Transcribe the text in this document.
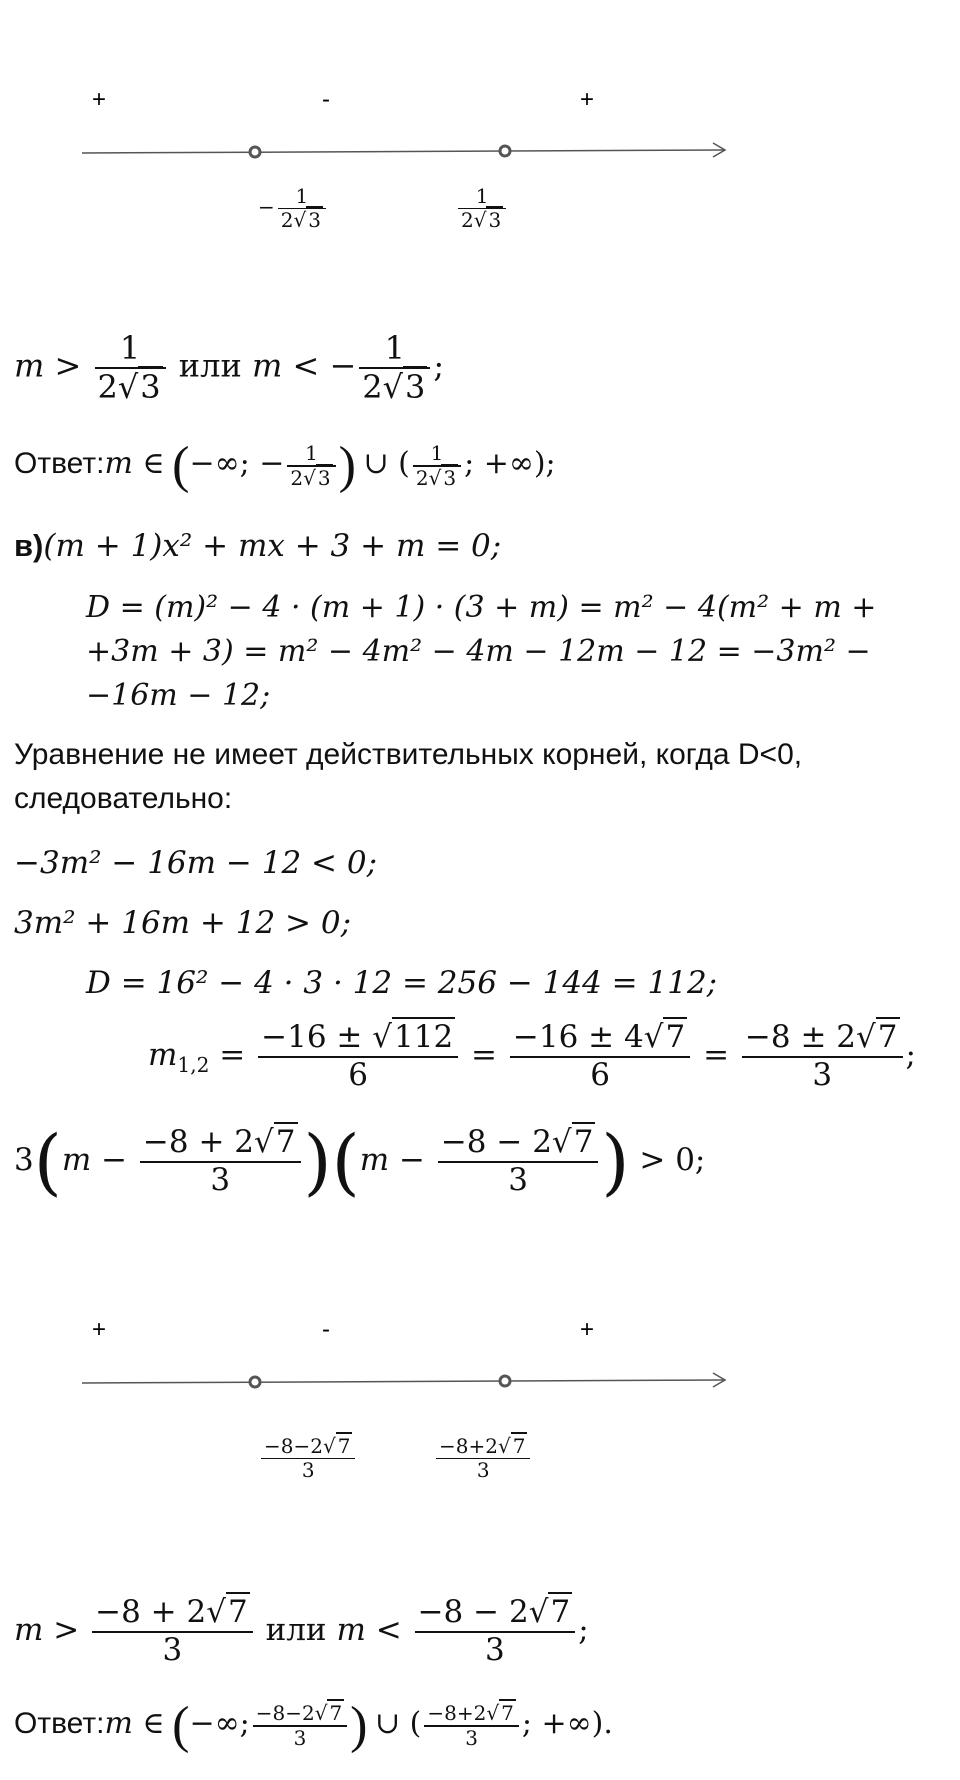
+	-	+
− $\frac{1}{2√ 3}$	$\frac{1}{2√ 3}$
$m > \frac{1}{2√3}$ или m < − $\frac{1}{2√3}$ ;
Ответ:m ∈ (−∞; − $\frac{1}{2√ 3}$ ) ∪ ( $\frac{1}{2√ 3}$ ; +∞);
в)(m + 1)x² + mx + 3 + m = 0;
D = (m)² − 4 · (m + 1) · (3 + m) = m² − 4(m² + m +
+3m + 3) = m² − 4m² − 4m − 12m − 12 = −3m² −
−16m − 12;
Уравнение не имеет действительных корней, когда D<0,
следовательно:
−3m² − 16m − 12 < 0;
3m² + 16m + 12 > 0;
D = 16² − 4 · 3 · 12 = 256 − 144 = 112;
$m_{1,2} = \frac{-16 \pm √112}{6} = \frac{-16 \pm 4√7}{6} = \frac{-8 \pm 2√7}{3}$ ;
$3(m - \frac{-8 + 2√7}{3} )(m - \frac{-8 - 2√7}{3}$ ) > 0;
+	-	+
$\frac{-8-2√ 7}{3}$	$\frac{-8+2√ 7}{3}$
$m > \frac{-8 + 2√7}{3}$ или $m < \frac{-8 - 2√7}{3}$ ;
Ответ:m ∈ (−∞; $\frac{-8-2√ 7}{3}$ ) ∪ ( $\frac{-8+2√ 7}{3}$ ; +∞).
